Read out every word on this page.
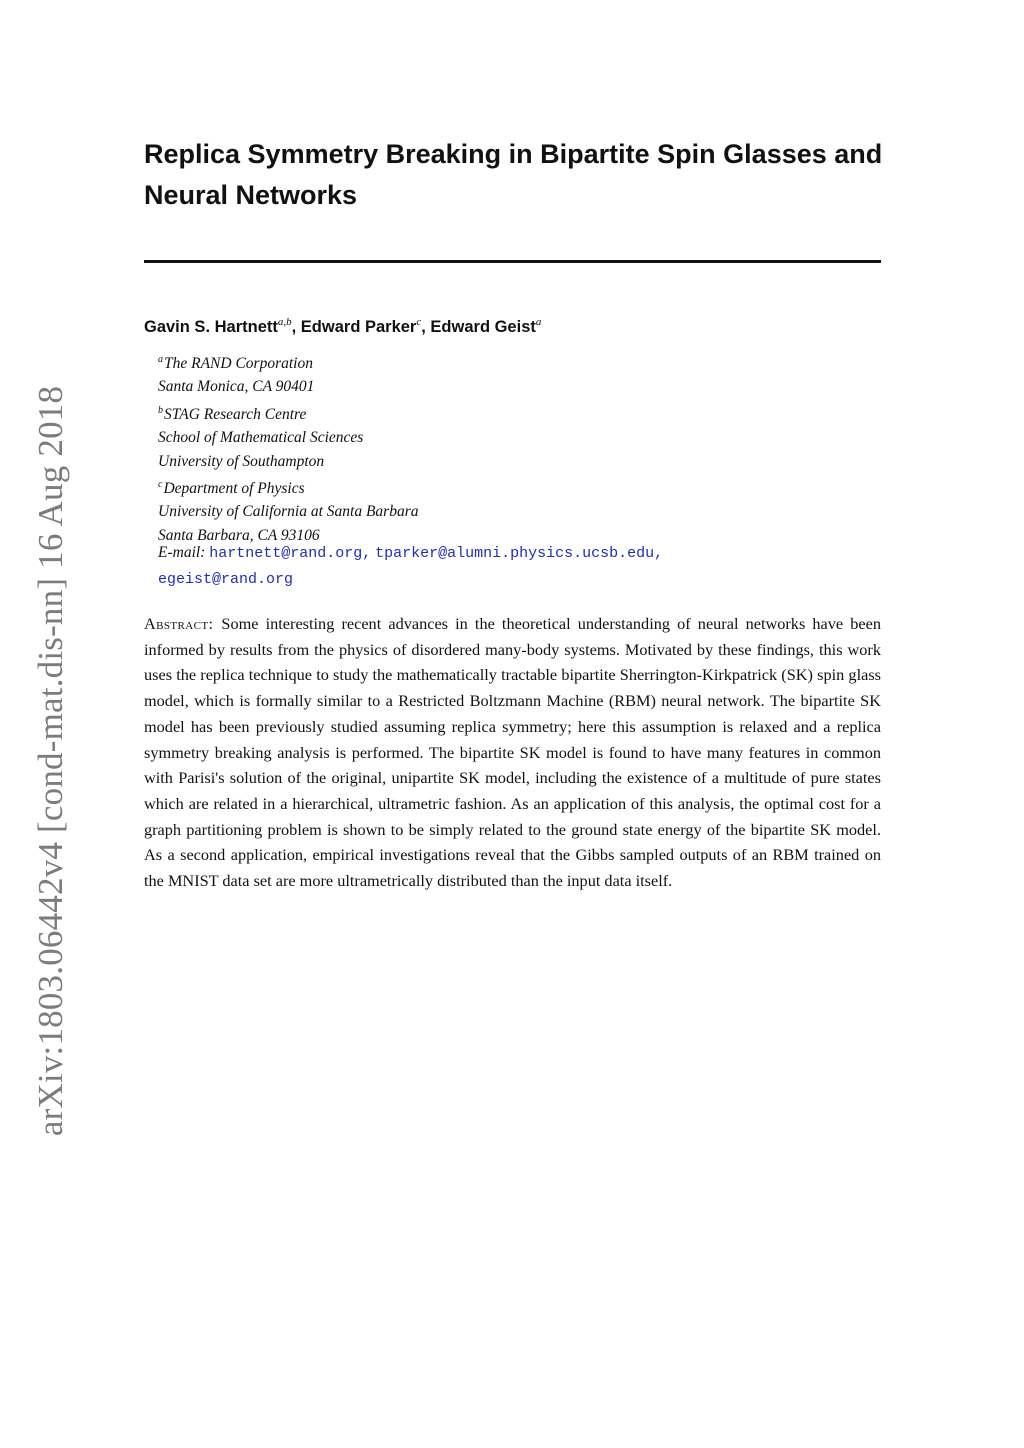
arXiv:1803.06442v4 [cond-mat.dis-nn] 16 Aug 2018
Replica Symmetry Breaking in Bipartite Spin Glasses and Neural Networks
Gavin S. Hartnett$^{a,b}$, Edward Parker$^c$, Edward Geist$^a$
$^a$The RAND Corporation
Santa Monica, CA 90401
$^b$STAG Research Centre
School of Mathematical Sciences
University of Southampton
$^c$Department of Physics
University of California at Santa Barbara
Santa Barbara, CA 93106
E-mail: hartnett@rand.org, tparker@alumni.physics.ucsb.edu,
egeist@rand.org
Abstract: Some interesting recent advances in the theoretical understanding of neural networks have been informed by results from the physics of disordered many-body systems. Motivated by these findings, this work uses the replica technique to study the mathematically tractable bipartite Sherrington-Kirkpatrick (SK) spin glass model, which is formally similar to a Restricted Boltzmann Machine (RBM) neural network. The bipartite SK model has been previously studied assuming replica symmetry; here this assumption is relaxed and a replica symmetry breaking analysis is performed. The bipartite SK model is found to have many features in common with Parisi's solution of the original, unipartite SK model, including the existence of a multitude of pure states which are related in a hierarchical, ultrametric fashion. As an application of this analysis, the optimal cost for a graph partitioning problem is shown to be simply related to the ground state energy of the bipartite SK model. As a second application, empirical investigations reveal that the Gibbs sampled outputs of an RBM trained on the MNIST data set are more ultrametrically distributed than the input data itself.
